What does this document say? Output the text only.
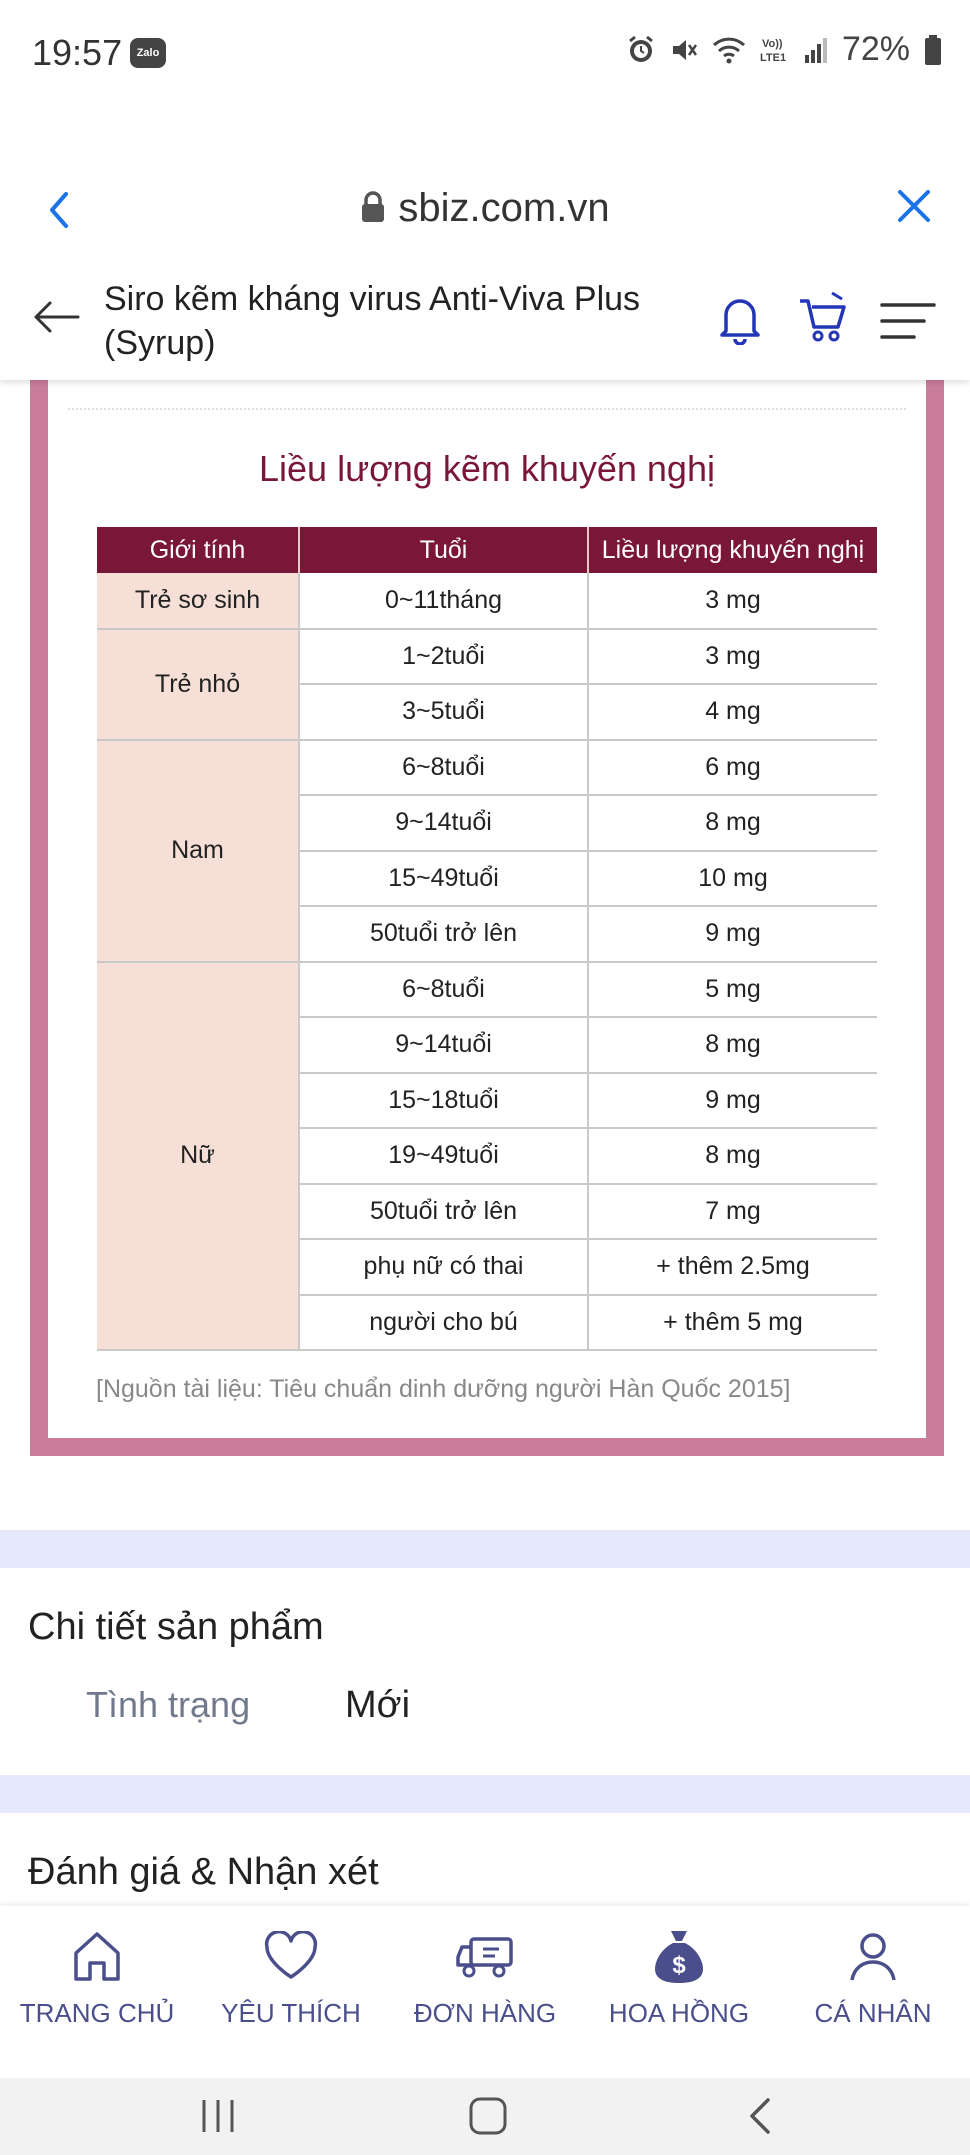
19:57	Zalo
Vo))
LTE1 72%
sbiz.com.vn
Siro kẽm kháng virus Anti-Viva Plus (Syrup)
Liều lượng kẽm khuyến nghị
Giới tính	Tuổi	Liều lượng khuyến nghị
Trẻ sơ sinh	0~11tháng	3 mg
Trẻ nhỏ	1~2tuổi	3 mg
	3~5tuổi	4 mg
Nam	6~8tuổi	6 mg
	9~14tuổi	8 mg
	15~49tuổi	10 mg
	50tuổi trở lên	9 mg
Nữ	6~8tuổi	5 mg
	9~14tuổi	8 mg
	15~18tuổi	9 mg
	19~49tuổi	8 mg
	50tuổi trở lên	7 mg
	phụ nữ có thai	+ thêm 2.5mg
	người cho bú	+ thêm 5 mg
[Nguồn tài liệu: Tiêu chuẩn dinh dưỡng người Hàn Quốc 2015]
Chi tiết sản phẩm
Tình trạng Mới
Đánh giá & Nhận xét
TRANG CHỦ	YÊU THÍCH	ĐƠN HÀNG
$
HOA HỒNG	CÁ NHÂN
